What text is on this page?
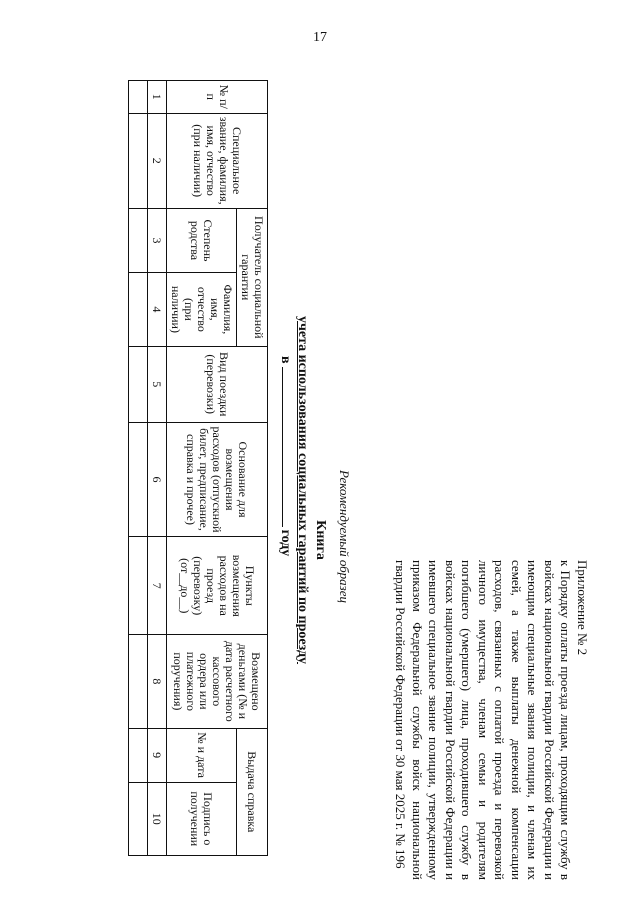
17
Приложение № 2
к Порядку оплаты проезда лицам, проходящим службу в войсках национальной гвардии Российской Федерации и имеющим специальные звания полиции, и членам их семей, а также выплаты денежной компенсации расходов, связанных с оплатой проезда и перевозкой личного имущества, членам семьи и родителям погибшего (умершего) лица, проходившего службу в войсках национальной гвардии Российской Федерации и имевшего специальное звание полиции, утвержденному приказом Федеральной службы войск национальной гвардии Российской Федерации от 30 мая 2025 г. № 196
Рекомендуемый образец
Книга
учета использования социальных гарантий по проезду
вгоду
№ п/п	Специальное звание, фамилия, имя, отчество (при наличии)	Получатель социальной гарантии		Вид поездки (перевозки)	Основание для возмещения расходов (отпускной билет, предписание, справка и прочее)	Пункты возмещения расходов на проезд (перевозку) (от__до__)	Возмещено деньгами (№ и дата расчетного кассового ордера или платежного поручения)	Выдача справка	
		Степень родства	Фамилия, имя, отчество (при наличии)					№ и дата	Подпись о получении
1	2	3	4	5	6	7	8	9	10
